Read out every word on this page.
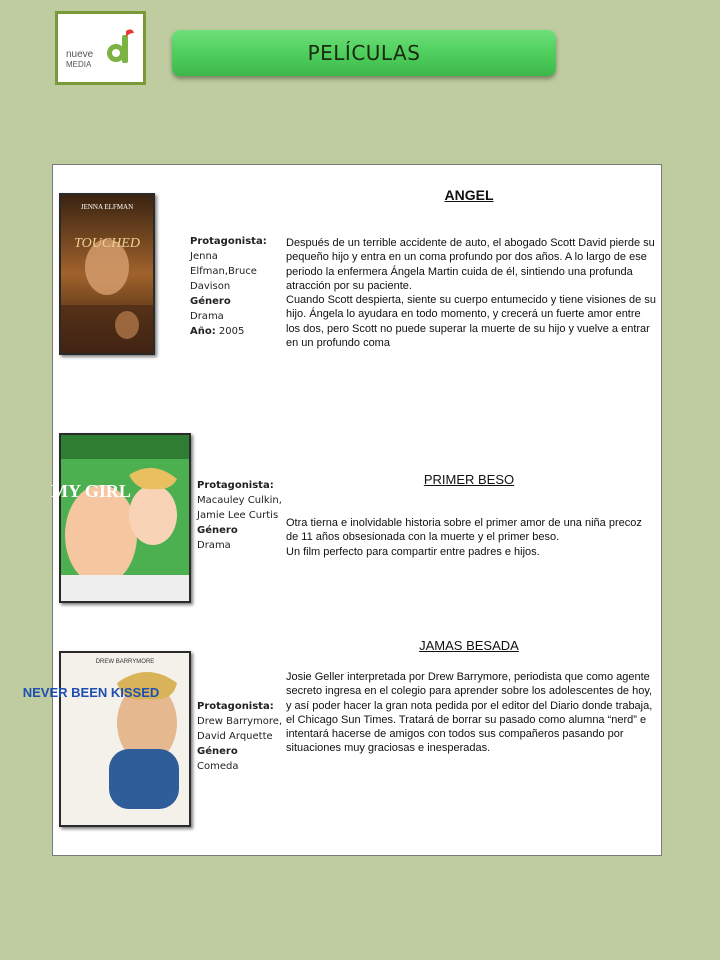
nueve
MEDIA	PELÍCULAS
JENNA ELFMAN
TOUCHED	Protagonista:
Jenna Elfman,Bruce Davison
Género
Drama
Año: 2005
ANGEL

Después de un terrible accidente de auto, el abogado Scott David pierde su pequeño hijo y entra en un coma profundo por dos años. A lo largo de ese periodo la enfermera Ángela Martin cuida de él, sintiendo una profunda atracción por su paciente.

Cuando Scott despierta, siente su cuerpo entumecido y tiene visiones de su hijo. Ángela lo ayudara en todo momento, y crecerá un fuerte amor entre los dos, pero Scott no puede superar la muerte de su hijo y vuelve a entrar en un profundo coma

MY GIRL	Protagonista:
Macauley Culkin, Jamie Lee Curtis
Género
Drama
PRIMER BESO

Otra tierna e inolvidable historia sobre el primer amor de una niña precoz de 11 años obsesionada con la muerte y el primer beso.

Un film perfecto para compartir entre padres e hijos.

NEVER BEEN KISSED
DREW BARRYMORE
Protagonista:
Drew Barrymore, David Arquette
Género
Comeda
JAMAS BESADA

Josie Geller interpretada por Drew Barrymore, periodista que como agente secreto ingresa en el colegio para aprender sobre los adolescentes de hoy, y así poder hacer la gran nota pedida por el editor del Diario donde trabaja, el Chicago Sun Times. Tratará de borrar su pasado como alumna “nerd” e intentará hacerse de amigos con todos sus compañeros pasando por situaciones muy graciosas e inesperadas.
